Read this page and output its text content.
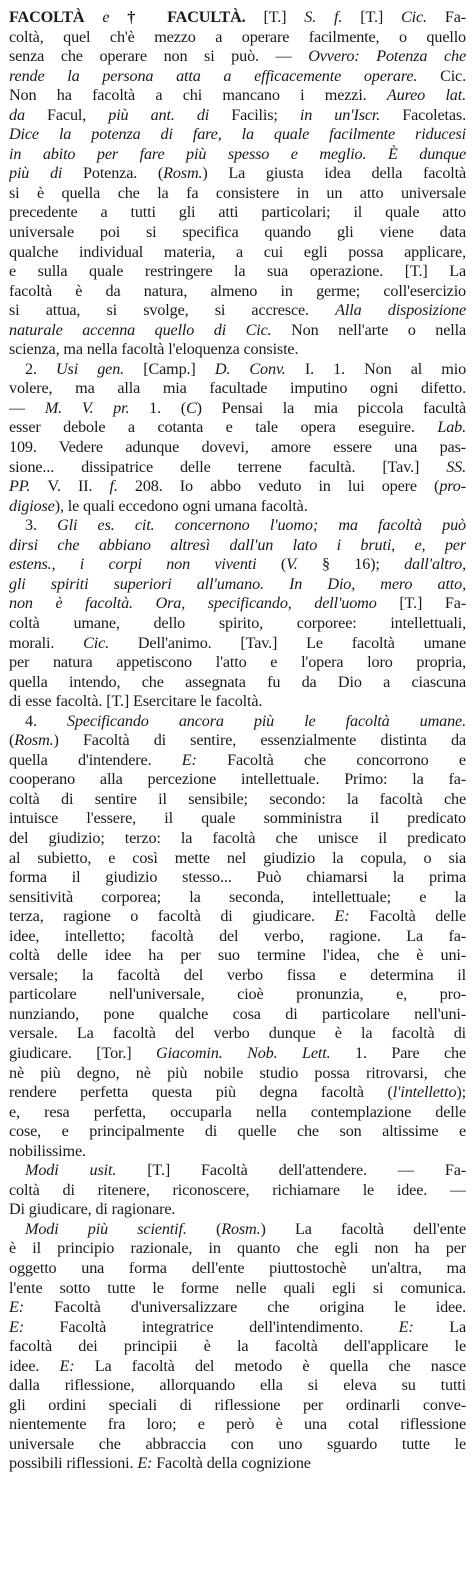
FACOLTÀ e † FACULTÀ. [T.] S. f. [T.] Cic. Fa-
coltà, quel ch'è mezzo a operare facilmente, o quello
senza che operare non si può. — Ovvero: Potenza che
rende la persona atta a efficacemente operare. Cic.
Non ha facoltà a chi mancano i mezzi. Aureo lat.
da Facul, più ant. di Facilis; in un'Iscr. Facoletas.
Dice la potenza di fare, la quale facilmente riducesi
in abito per fare più spesso e meglio. È dunque
più di Potenza. (Rosm.) La giusta idea della facoltà
si è quella che la fa consistere in un atto universale
precedente a tutti gli atti particolari; il quale atto
universale poi si specifica quando gli viene data
qualche individual materia, a cui egli possa applicare,
e sulla quale restringere la sua operazione. [T.] La
facoltà è da natura, almeno in germe; coll'esercizio
si attua, si svolge, si accresce. Alla disposizione
naturale accenna quello di Cic. Non nell'arte o nella
scienza, ma nella facoltà l'eloquenza consiste.
2. Usi gen. [Camp.] D. Conv. I. 1. Non al mio
volere, ma alla mia facultade imputino ogni difetto.
— M. V. pr. 1. (C) Pensai la mia piccola facultà
esser debole a cotanta e tale opera eseguire. Lab.
109. Vedere adunque dovevi, amore essere una pas-
sione... dissipatrice delle terrene facultà. [Tav.] SS.
PP. V. II. f. 208. Io abbo veduto in lui opere (pro-
digiose), le quali eccedono ogni umana facoltà.
3. Gli es. cit. concernono l'uomo; ma facoltà può
dirsi che abbiano altresì dall'un lato i bruti, e, per
estens., i corpi non viventi (V. § 16); dall'altro,
gli spiriti superiori all'umano. In Dio, mero atto,
non è facoltà. Ora, specificando, dell'uomo [T.] Fa-
coltà umane, dello spirito, corporee: intellettuali,
morali. Cic. Dell'animo. [Tav.] Le facoltà umane
per natura appetiscono l'atto e l'opera loro propria,
quella intendo, che assegnata fu da Dio a ciascuna
di esse facoltà. [T.] Esercitare le facoltà.
4. Specificando ancora più le facoltà umane.
(Rosm.) Facoltà di sentire, essenzialmente distinta da
quella d'intendere. E: Facoltà che concorrono e
cooperano alla percezione intellettuale. Primo: la fa-
coltà di sentire il sensibile; secondo: la facoltà che
intuisce l'essere, il quale somministra il predicato
del giudizio; terzo: la facoltà che unisce il predicato
al subietto, e così mette nel giudizio la copula, o sia
forma il giudizio stesso... Può chiamarsi la prima
sensitività corporea; la seconda, intellettuale; e la
terza, ragione o facoltà di giudicare. E: Facoltà delle
idee, intelletto; facoltà del verbo, ragione. La fa-
coltà delle idee ha per suo termine l'idea, che è uni-
versale; la facoltà del verbo fissa e determina il
particolare nell'universale, cioè pronunzia, e, pro-
nunziando, pone qualche cosa di particolare nell'uni-
versale. La facoltà del verbo dunque è la facoltà di
giudicare. [Tor.] Giacomin. Nob. Lett. 1. Pare che
nè più degno, nè più nobile studio possa ritrovarsi, che
rendere perfetta questa più degna facoltà (l'intelletto);
e, resa perfetta, occuparla nella contemplazione delle
cose, e principalmente di quelle che son altissime e
nobilissime.
Modi usit. [T.] Facoltà dell'attendere. — Fa-
coltà di ritenere, riconoscere, richiamare le idee. —
Di giudicare, di ragionare.
Modi più scientif. (Rosm.) La facoltà dell'ente
è il principio razionale, in quanto che egli non ha per
oggetto una forma dell'ente piuttostochè un'altra, ma
l'ente sotto tutte le forme nelle quali egli si comunica.
E: Facoltà d'universalizzare che origina le idee.
E: Facoltà integratrice dell'intendimento. E: La
facoltà dei principii è la facoltà dell'applicare le
idee. E: La facoltà del metodo è quella che nasce
dalla riflessione, allorquando ella si eleva su tutti
gli ordini speciali di riflessione per ordinarli conve-
nientemente fra loro; e però è una cotal riflessione
universale che abbraccia con uno sguardo tutte le
possibili riflessioni. E: Facoltà della cognizione
